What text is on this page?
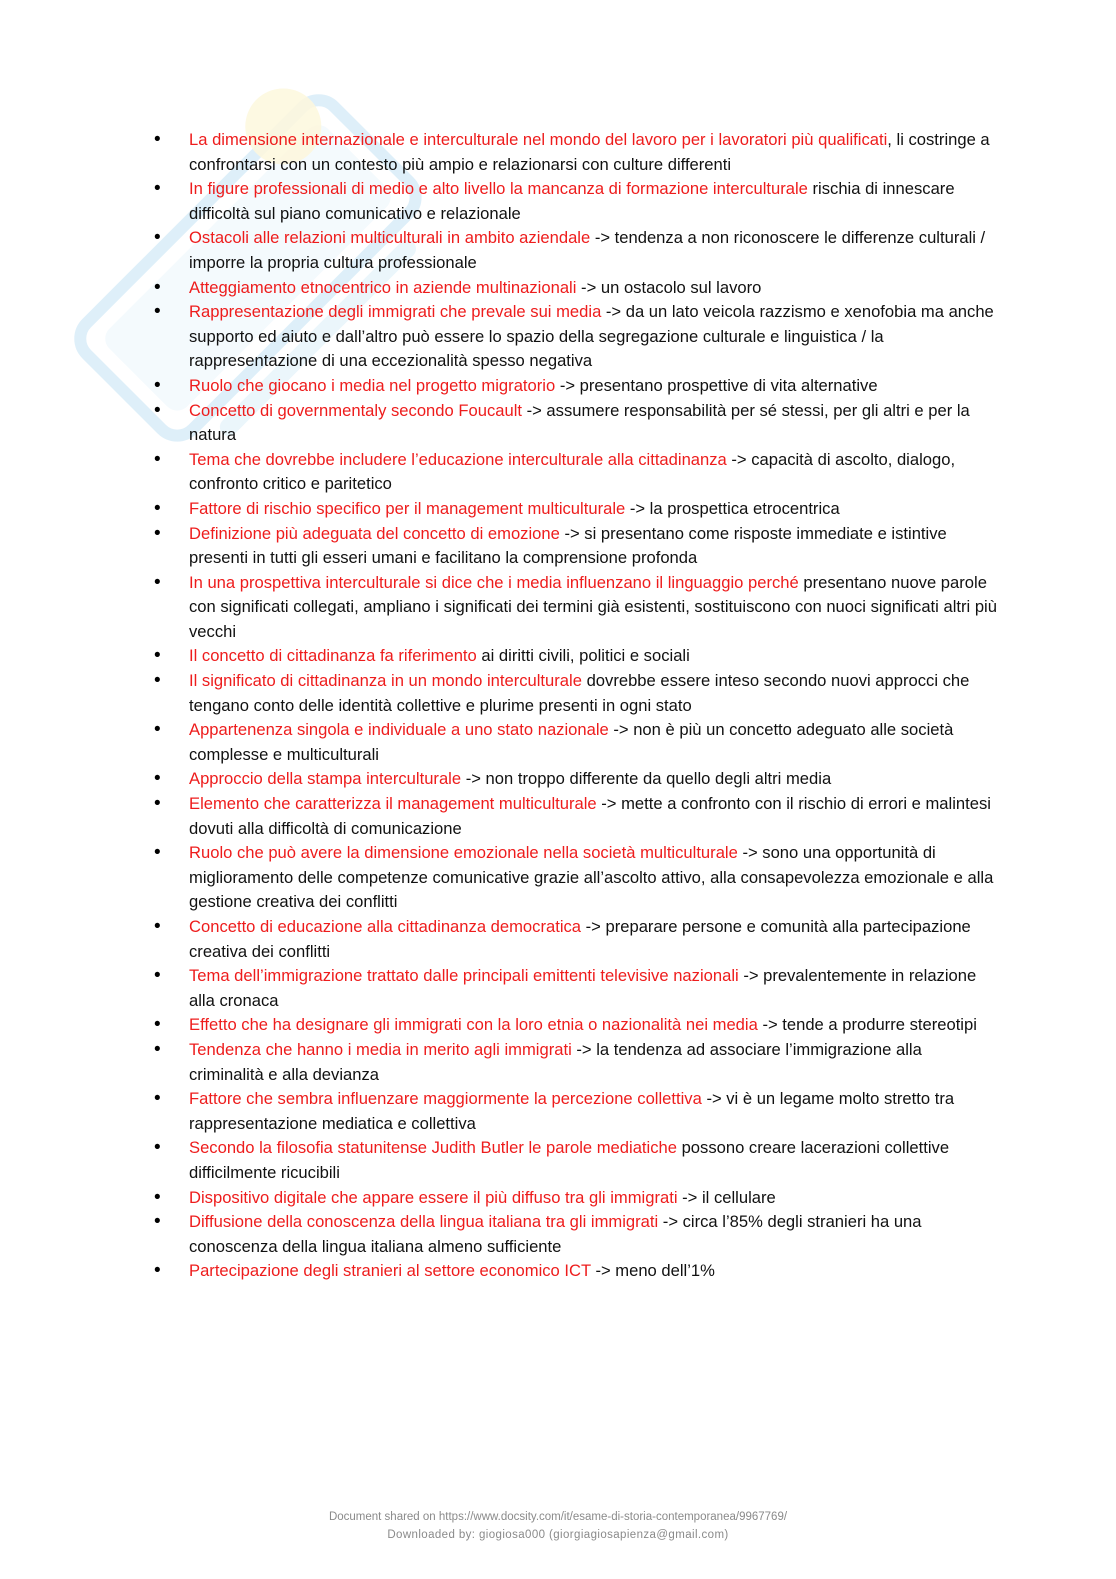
• La dimensione internazionale e interculturale nel mondo del lavoro per i lavoratori più qualificati, li costringe a confrontarsi con un contesto più ampio e relazionarsi con culture differenti
• In figure professionali di medio e alto livello la mancanza di formazione interculturale rischia di innescare difficoltà sul piano comunicativo e relazionale
• Ostacoli alle relazioni multiculturali in ambito aziendale -> tendenza a non riconoscere le differenze culturali / imporre la propria cultura professionale
• Atteggiamento etnocentrico in aziende multinazionali -> un ostacolo sul lavoro
• Rappresentazione degli immigrati che prevale sui media -> da un lato veicola razzismo e xenofobia ma anche supporto ed aiuto e dall’altro può essere lo spazio della segregazione culturale e linguistica / la rappresentazione di una eccezionalità spesso negativa
• Ruolo che giocano i media nel progetto migratorio -> presentano prospettive di vita alternative
• Concetto di governmentaly secondo Foucault -> assumere responsabilità per sé stessi, per gli altri e per la natura
• Tema che dovrebbe includere l’educazione interculturale alla cittadinanza -> capacità di ascolto, dialogo, confronto critico e paritetico
• Fattore di rischio specifico per il management multiculturale -> la prospettica etrocentrica
• Definizione più adeguata del concetto di emozione -> si presentano come risposte immediate e istintive presenti in tutti gli esseri umani e facilitano la comprensione profonda
• In una prospettiva interculturale si dice che i media influenzano il linguaggio perché presentano nuove parole con significati collegati, ampliano i significati dei termini già esistenti, sostituiscono con nuoci significati altri più vecchi
• Il concetto di cittadinanza fa riferimento ai diritti civili, politici e sociali
• Il significato di cittadinanza in un mondo interculturale dovrebbe essere inteso secondo nuovi approcci che tengano conto delle identità collettive e plurime presenti in ogni stato
• Appartenenza singola e individuale a uno stato nazionale -> non è più un concetto adeguato alle società complesse e multiculturali
• Approccio della stampa interculturale -> non troppo differente da quello degli altri media
• Elemento che caratterizza il management multiculturale -> mette a confronto con il rischio di errori e malintesi dovuti alla difficoltà di comunicazione
• Ruolo che può avere la dimensione emozionale nella società multiculturale -> sono una opportunità di miglioramento delle competenze comunicative grazie all’ascolto attivo, alla consapevolezza emozionale e alla gestione creativa dei conflitti
• Concetto di educazione alla cittadinanza democratica -> preparare persone e comunità alla partecipazione creativa dei conflitti
• Tema dell’immigrazione trattato dalle principali emittenti televisive nazionali -> prevalentemente in relazione alla cronaca
• Effetto che ha designare gli immigrati con la loro etnia o nazionalità nei media -> tende a produrre stereotipi
• Tendenza che hanno i media in merito agli immigrati -> la tendenza ad associare l’immigrazione alla criminalità e alla devianza
• Fattore che sembra influenzare maggiormente la percezione collettiva -> vi è un legame molto stretto tra rappresentazione mediatica e collettiva
• Secondo la filosofia statunitense Judith Butler le parole mediatiche possono creare lacerazioni collettive difficilmente ricucibili
• Dispositivo digitale che appare essere il più diffuso tra gli immigrati -> il cellulare
• Diffusione della conoscenza della lingua italiana tra gli immigrati -> circa l’85% degli stranieri ha una conoscenza della lingua italiana almeno sufficiente
• Partecipazione degli stranieri al settore economico ICT -> meno dell’1%
Document shared on https://www.docsity.com/it/esame-di-storia-contemporanea/9967769/
Downloaded by: giogiosa000 (giorgiagiosapienza@gmail.com)
